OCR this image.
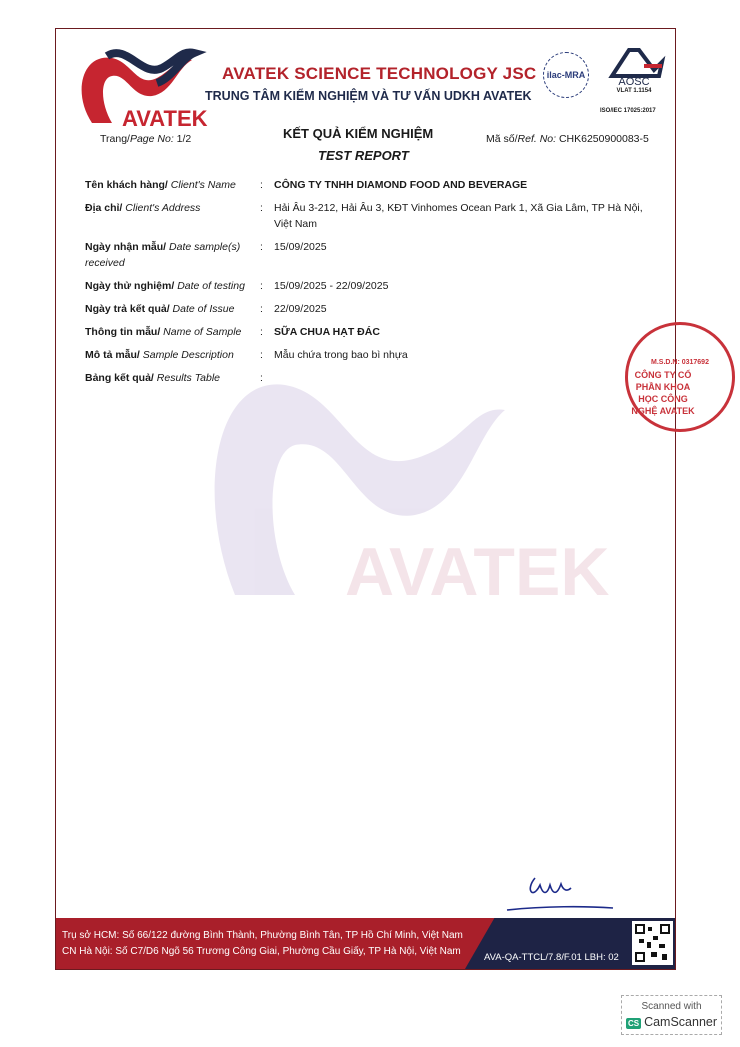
AVATEK
AVATEK SCIENCE TECHNOLOGY JSC
TRUNG TÂM KIỂM NGHIỆM VÀ TƯ VẤN UDKH AVATEK
ilac-MRA
AOSC
VLAT 1.1154
ISO/IEC 17025:2017
Trang/Page No: 1/2	KẾT QUẢ KIỂM NGHIỆM
TEST REPORT
Mã số/Ref. No: CHK6250900083-5
AVATEK
Tên khách hàng/ Client's Name	:	CÔNG TY TNHH DIAMOND FOOD AND BEVERAGE
Địa chỉ/ Client's Address	:	Hải Âu 3-212, Hải Âu 3, KĐT Vinhomes Ocean Park 1, Xã Gia Lâm, TP Hà Nội, Việt Nam
Ngày nhận mẫu/ Date sample(s) received
:	15/09/2025
Ngày thử nghiệm/ Date of testing	:	15/09/2025 - 22/09/2025
Ngày trả kết quả/ Date of Issue	:	22/09/2025
Thông tin mẫu/ Name of Sample	:	SỮA CHUA HẠT ĐÁC
Mô tả mẫu/ Sample Description	:	Mẫu chứa trong bao bì nhựa
Bảng kết quả/ Results Table	:
M.S.D.N: 0317692
CÔNG TY CỔ PHẦN KHOA HỌC CÔNG NGHỆ AVATEK
Trụ sở HCM: Số 66/122 đường Bình Thành, Phường Bình Tân, TP Hồ Chí Minh, Việt Nam
CN Hà Nội: Số C7/D6 Ngõ 56 Trương Công Giai, Phường Cầu Giấy, TP Hà Nội, Việt Nam
AVA-QA-TTCL/7.8/F.01 LBH: 02
Scanned with
CS CamScanner
